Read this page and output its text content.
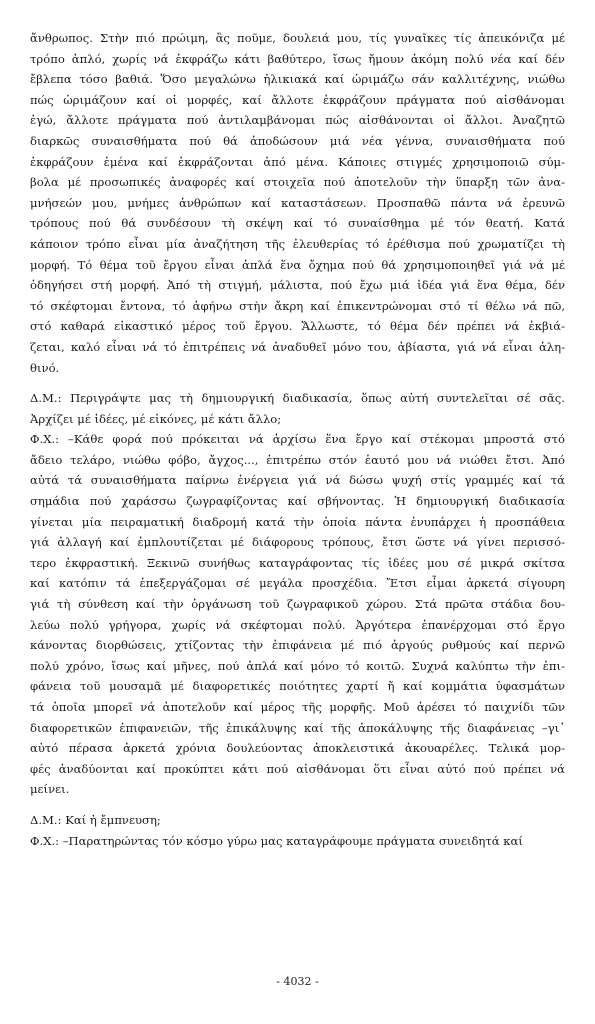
ἄνθρωπος. Στὴν πιό πρώιμη, ἂς ποῦμε, δουλειά μου, τίς γυναῖκες τίς ἀπεικόνιζα μέ
τρόπο ἁπλό, χωρίς νά ἐκφράζω κάτι βαθύτερο, ἴσως ἤμουν ἀκόμη πολύ νέα καί δέν
ἔβλεπα τόσο βαθιά. Ὅσο μεγαλώνω ἡλικιακά καί ὡριμάζω σάν καλλιτέχνης, νιώθω
πώς ὡριμάζουν καί οἱ μορφές, καί ἄλλοτε ἐκφράζουν πράγματα πού αἰσθάνομαι
ἐγώ, ἄλλοτε πράγματα πού ἀντιλαμβάνομαι πώς αἰσθάνονται οἱ ἄλλοι. Ἀναζητῶ
διαρκῶς συναισθήματα πού θά ἀποδώσουν μιά νέα γέννα, συναισθήματα πού
ἐκφράζουν ἐμένα καί ἐκφράζονται ἀπό μένα. Κάποιες στιγμές χρησιμοποιῶ σύμ-
βολα μέ προσωπικές ἀναφορές καί στοιχεῖα πού ἀποτελοῦν τὴν ὕπαρξη τῶν ἀνα-
μνήσεών μου, μνήμες ἀνθρώπων καί καταστάσεων. Προσπαθῶ πάντα νά ἐρευνῶ
τρόπους πού θά συνδέσουν τὴ σκέψη καί τό συναίσθημα μέ τόν θεατή. Κατά
κάποιον τρόπο εἶναι μία ἀναζήτηση τῆς ἐλευθερίας τό ἐρέθισμα πού χρωματίζει τὴ
μορφή. Τό θέμα τοῦ ἔργου εἶναι ἁπλά ἕνα ὄχημα πού θά χρησιμοποιηθεῖ γιά νά μέ
ὁδηγήσει στή μορφή. Ἀπό τὴ στιγμή, μάλιστα, πού ἔχω μιά ἰδέα γιά ἕνα θέμα, δέν
τό σκέφτομαι ἔντονα, τό ἀφήνω στὴν ἄκρη καί ἐπικεντρώνομαι στό τί θέλω νά πῶ,
στό καθαρά εἰκαστικό μέρος τοῦ ἔργου. Ἄλλωστε, τό θέμα δέν πρέπει νά ἐκβιά-
ζεται, καλό εἶναι νά τό ἐπιτρέπεις νά ἀναδυθεῖ μόνο του, ἀβίαστα, γιά νά εἶναι ἀλη-
θινό.
Δ.Μ.: Περιγράψτε μας τὴ δημιουργική διαδικασία, ὅπως αὐτή συντελεῖται σέ σᾶς.
Ἀρχίζει μέ ἰδέες, μέ εἰκόνες, μέ κάτι ἄλλο;
Φ.Χ.: –Κάθε φορά πού πρόκειται νά ἀρχίσω ἕνα ἔργο καί στέκομαι μπροστά στό
ἄδειο τελάρο, νιώθω φόβο, ἄγχος..., ἐπιτρέπω στόν ἑαυτό μου νά νιώθει ἔτσι. Ἀπό
αὐτά τά συναισθήματα παίρνω ἐνέργεια γιά νά δώσω ψυχή στίς γραμμές καί τά
σημάδια πού χαράσσω ζωγραφίζοντας καί σβήνοντας. Ἡ δημιουργική διαδικασία
γίνεται μία πειραματική διαδρομή κατά τὴν ὁποία πάντα ἐνυπάρχει ἡ προσπάθεια
γιά ἀλλαγή καί ἐμπλουτίζεται μέ διάφορους τρόπους, ἔτσι ὥστε νά γίνει περισσό-
τερο ἐκφραστική. Ξεκινῶ συνήθως καταγράφοντας τίς ἰδέες μου σέ μικρά σκίτσα
καί κατόπιν τά ἐπεξεργάζομαι σέ μεγάλα προσχέδια. Ἔτσι εἶμαι ἀρκετά σίγουρη
γιά τὴ σύνθεση καί τὴν ὀργάνωση τοῦ ζωγραφικοῦ χώρου. Στά πρῶτα στάδια δου-
λεύω πολύ γρήγορα, χωρίς νά σκέφτομαι πολύ. Ἀργότερα ἐπανέρχομαι στό ἔργο
κάνοντας διορθώσεις, χτίζοντας τὴν ἐπιφάνεια μέ πιό ἀργούς ρυθμούς καί περνῶ
πολύ χρόνο, ἴσως καί μῆνες, πού ἁπλά καί μόνο τό κοιτῶ. Συχνά καλύπτω τὴν ἐπι-
φάνεια τοῦ μουσαμᾶ μέ διαφορετικές ποιότητες χαρτί ἤ καί κομμάτια ὑφασμάτων
τά ὁποῖα μπορεῖ νά ἀποτελοῦν καί μέρος τῆς μορφῆς. Μοῦ ἀρέσει τό παιχνίδι τῶν
διαφορετικῶν ἐπιφανειῶν, τῆς ἐπικάλυψης καί τῆς ἀποκάλυψης τῆς διαφάνειας –γι᾿
αὐτό πέρασα ἀρκετά χρόνια δουλεύοντας ἀποκλειστικά ἀκουαρέλες. Τελικά μορ-
φές ἀναδύονται καί προκύπτει κάτι πού αἰσθάνομαι ὅτι εἶναι αὐτό πού πρέπει νά
μείνει.
Δ.Μ.: Καί ἡ ἔμπνευση;
Φ.Χ.: –Παρατηρώντας τόν κόσμο γύρω μας καταγράφουμε πράγματα συνειδητά καί
- 4032 -
